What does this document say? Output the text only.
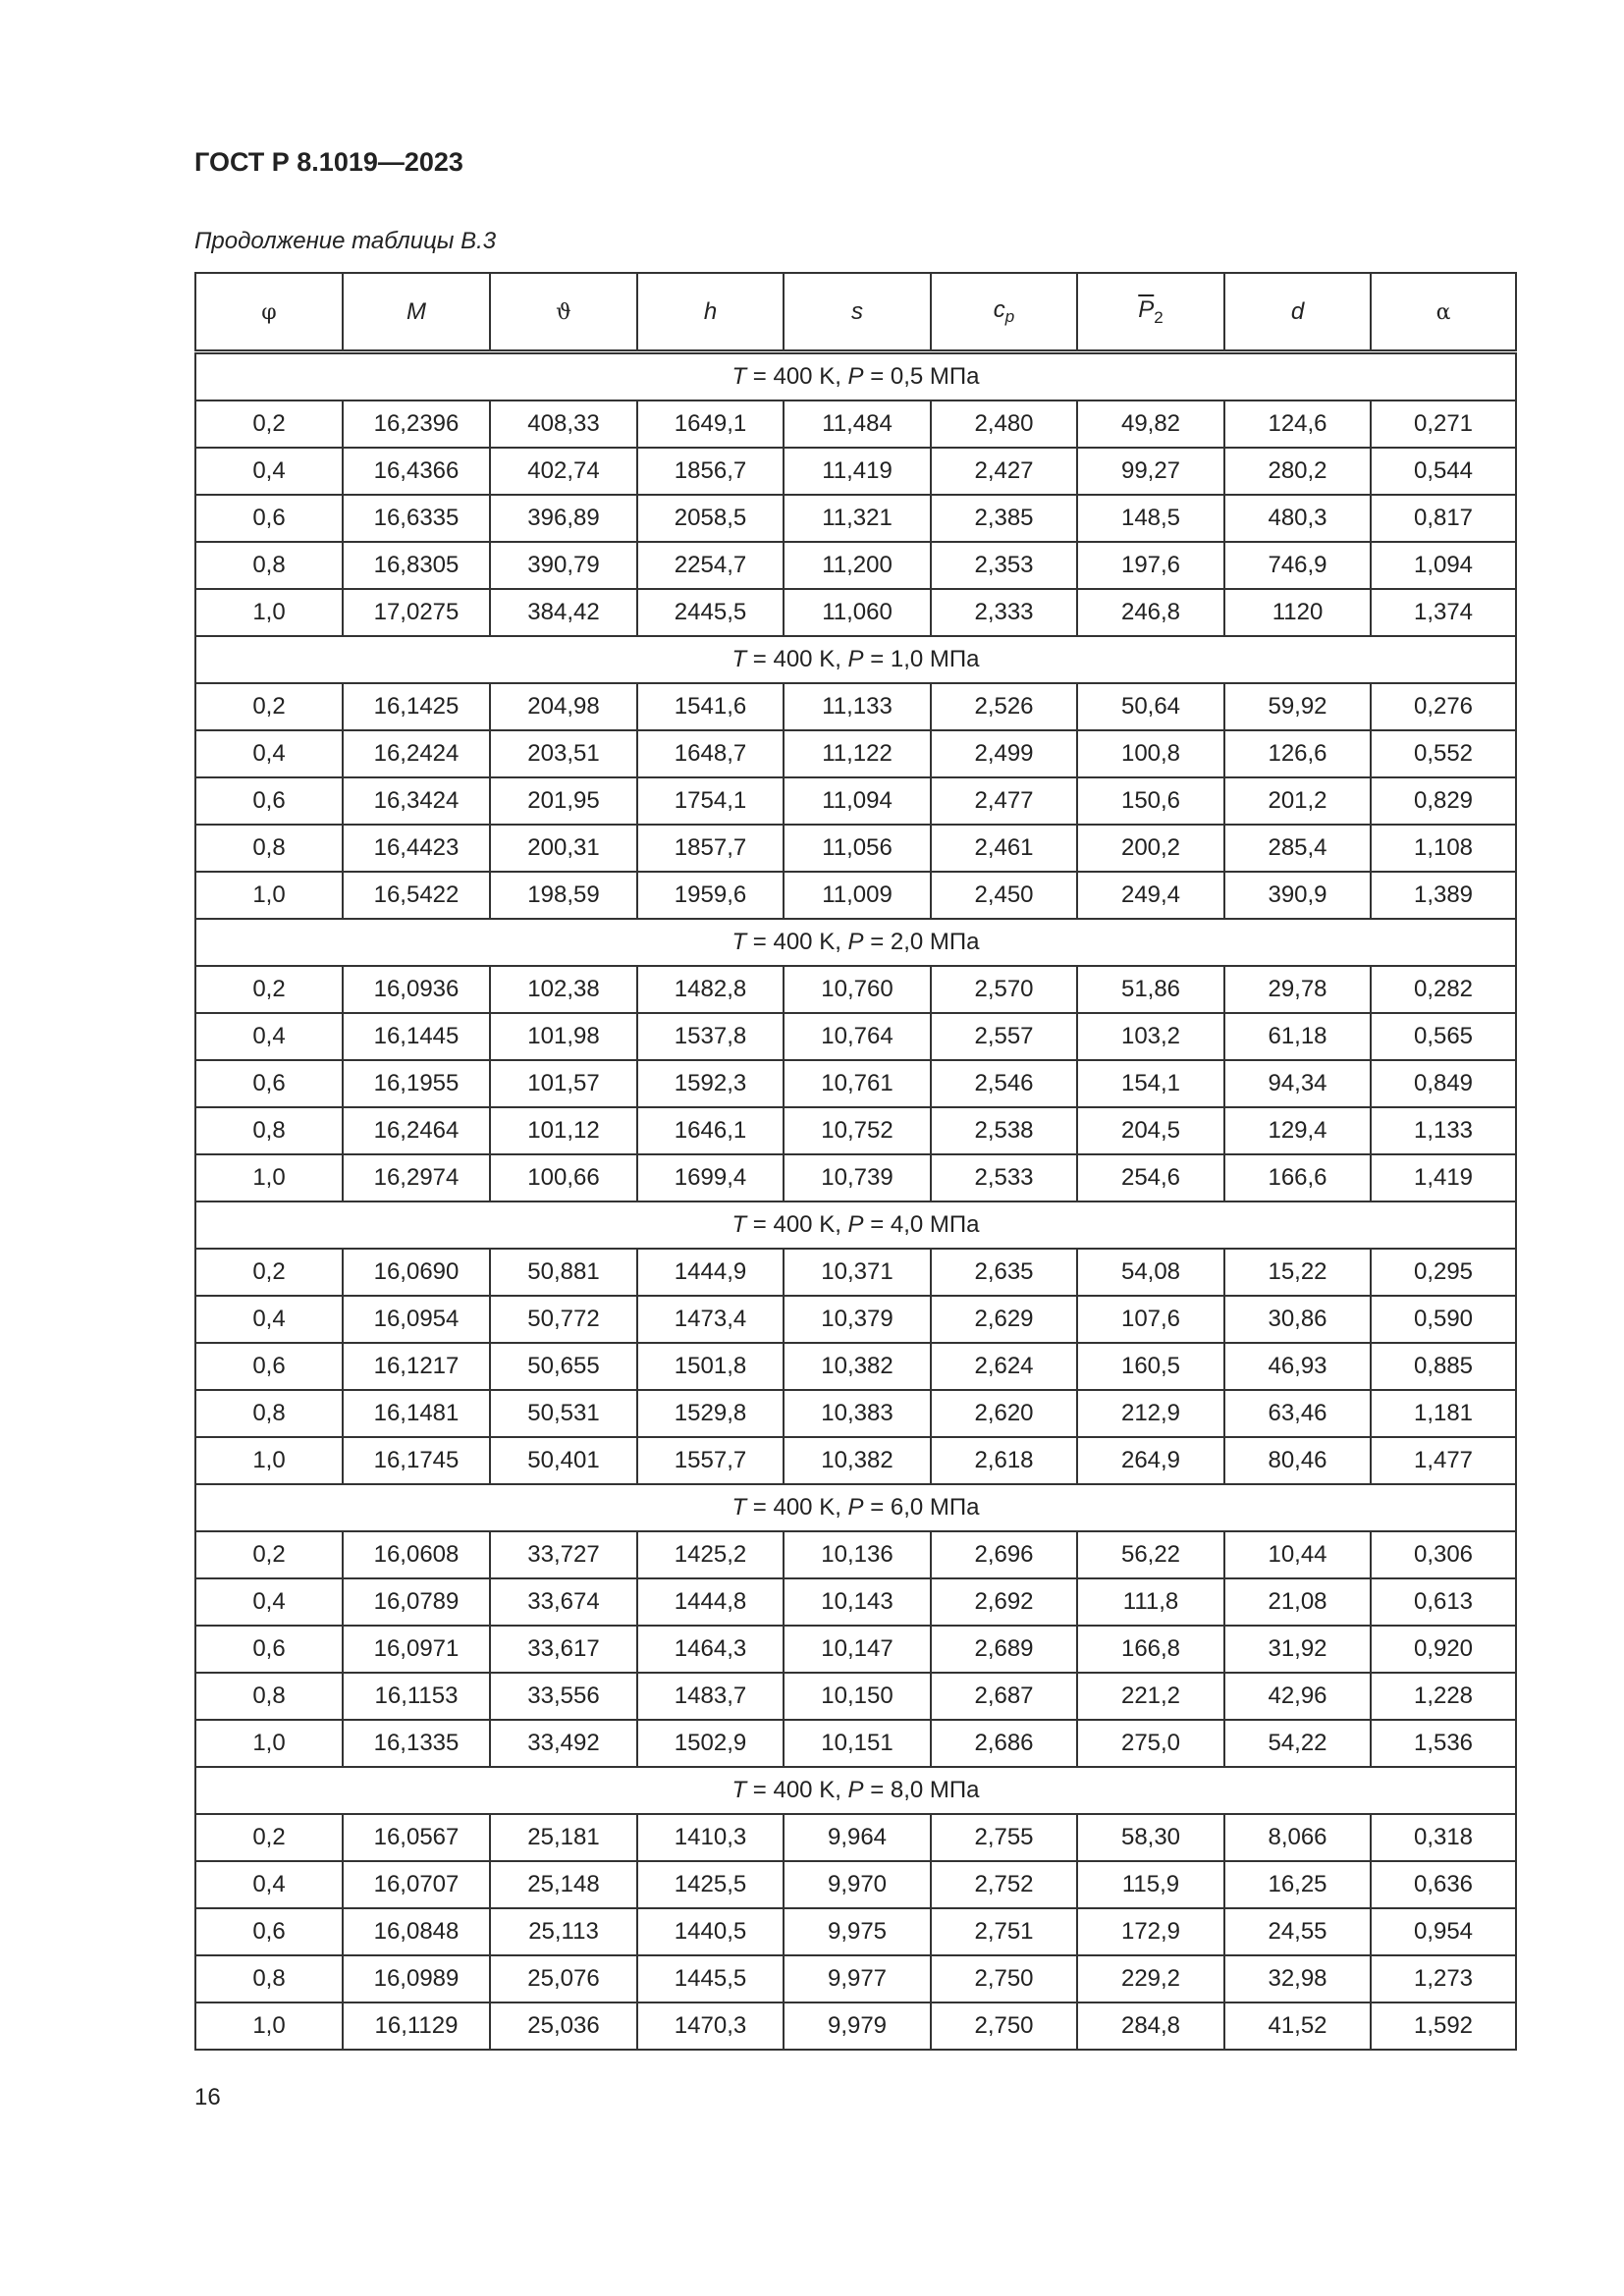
ГОСТ Р 8.1019—2023
Продолжение таблицы В.3
φ	M	ϑ	h	s	$c_p$	$\overline{P}_2$	d	α
T = 400 K, P = 0,5 МПа								
0,2	16,2396	408,33	1649,1	11,484	2,480	49,82	124,6	0,271
0,4	16,4366	402,74	1856,7	11,419	2,427	99,27	280,2	0,544
0,6	16,6335	396,89	2058,5	11,321	2,385	148,5	480,3	0,817
0,8	16,8305	390,79	2254,7	11,200	2,353	197,6	746,9	1,094
1,0	17,0275	384,42	2445,5	11,060	2,333	246,8	1120	1,374
T = 400 K, P = 1,0 МПа								
0,2	16,1425	204,98	1541,6	11,133	2,526	50,64	59,92	0,276
0,4	16,2424	203,51	1648,7	11,122	2,499	100,8	126,6	0,552
0,6	16,3424	201,95	1754,1	11,094	2,477	150,6	201,2	0,829
0,8	16,4423	200,31	1857,7	11,056	2,461	200,2	285,4	1,108
1,0	16,5422	198,59	1959,6	11,009	2,450	249,4	390,9	1,389
T = 400 K, P = 2,0 МПа								
0,2	16,0936	102,38	1482,8	10,760	2,570	51,86	29,78	0,282
0,4	16,1445	101,98	1537,8	10,764	2,557	103,2	61,18	0,565
0,6	16,1955	101,57	1592,3	10,761	2,546	154,1	94,34	0,849
0,8	16,2464	101,12	1646,1	10,752	2,538	204,5	129,4	1,133
1,0	16,2974	100,66	1699,4	10,739	2,533	254,6	166,6	1,419
T = 400 K, P = 4,0 МПа								
0,2	16,0690	50,881	1444,9	10,371	2,635	54,08	15,22	0,295
0,4	16,0954	50,772	1473,4	10,379	2,629	107,6	30,86	0,590
0,6	16,1217	50,655	1501,8	10,382	2,624	160,5	46,93	0,885
0,8	16,1481	50,531	1529,8	10,383	2,620	212,9	63,46	1,181
1,0	16,1745	50,401	1557,7	10,382	2,618	264,9	80,46	1,477
T = 400 K, P = 6,0 МПа								
0,2	16,0608	33,727	1425,2	10,136	2,696	56,22	10,44	0,306
0,4	16,0789	33,674	1444,8	10,143	2,692	111,8	21,08	0,613
0,6	16,0971	33,617	1464,3	10,147	2,689	166,8	31,92	0,920
0,8	16,1153	33,556	1483,7	10,150	2,687	221,2	42,96	1,228
1,0	16,1335	33,492	1502,9	10,151	2,686	275,0	54,22	1,536
T = 400 K, P = 8,0 МПа								
0,2	16,0567	25,181	1410,3	9,964	2,755	58,30	8,066	0,318
0,4	16,0707	25,148	1425,5	9,970	2,752	115,9	16,25	0,636
0,6	16,0848	25,113	1440,5	9,975	2,751	172,9	24,55	0,954
0,8	16,0989	25,076	1445,5	9,977	2,750	229,2	32,98	1,273
1,0	16,1129	25,036	1470,3	9,979	2,750	284,8	41,52	1,592
16
